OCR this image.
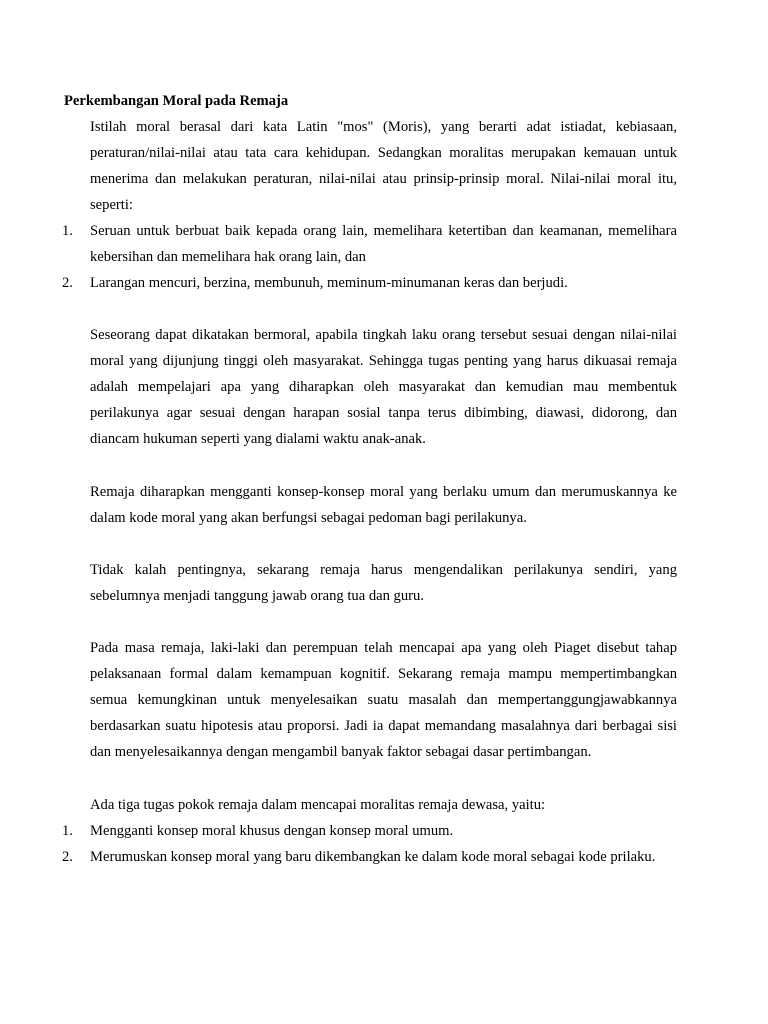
Perkembangan Moral pada Remaja

Istilah moral berasal dari kata Latin "mos" (Moris), yang berarti adat istiadat, kebiasaan, peraturan/nilai-nilai atau tata cara kehidupan. Sedangkan moralitas merupakan kemauan untuk menerima dan melakukan peraturan, nilai-nilai atau prinsip-prinsip moral. Nilai-nilai moral itu, seperti:

1. Seruan untuk berbuat baik kepada orang lain, memelihara ketertiban dan keamanan, memelihara kebersihan dan memelihara hak orang lain, dan
2. Larangan mencuri, berzina, membunuh, meminum-minumanan keras dan berjudi.

Seseorang dapat dikatakan bermoral, apabila tingkah laku orang tersebut sesuai dengan nilai-nilai moral yang dijunjung tinggi oleh masyarakat. Sehingga tugas penting yang harus dikuasai remaja adalah mempelajari apa yang diharapkan oleh masyarakat dan kemudian mau membentuk perilakunya agar sesuai dengan harapan sosial tanpa terus dibimbing, diawasi, didorong, dan diancam hukuman seperti yang dialami waktu anak-anak.

Remaja diharapkan mengganti konsep-konsep moral yang berlaku umum dan merumuskannya ke dalam kode moral yang akan berfungsi sebagai pedoman bagi perilakunya.

Tidak kalah pentingnya, sekarang remaja harus mengendalikan perilakunya sendiri, yang sebelumnya menjadi tanggung jawab orang tua dan guru.

Pada masa remaja, laki-laki dan perempuan telah mencapai apa yang oleh Piaget disebut tahap pelaksanaan formal dalam kemampuan kognitif. Sekarang remaja mampu mempertimbangkan semua kemungkinan untuk menyelesaikan suatu masalah dan mempertanggungjawabkannya berdasarkan suatu hipotesis atau proporsi. Jadi ia dapat memandang masalahnya dari berbagai sisi dan menyelesaikannya dengan mengambil banyak faktor sebagai dasar pertimbangan.

Ada tiga tugas pokok remaja dalam mencapai moralitas remaja dewasa, yaitu:

1. Mengganti konsep moral khusus dengan konsep moral umum.
2. Merumuskan konsep moral yang baru dikembangkan ke dalam kode moral sebagai kode prilaku.
